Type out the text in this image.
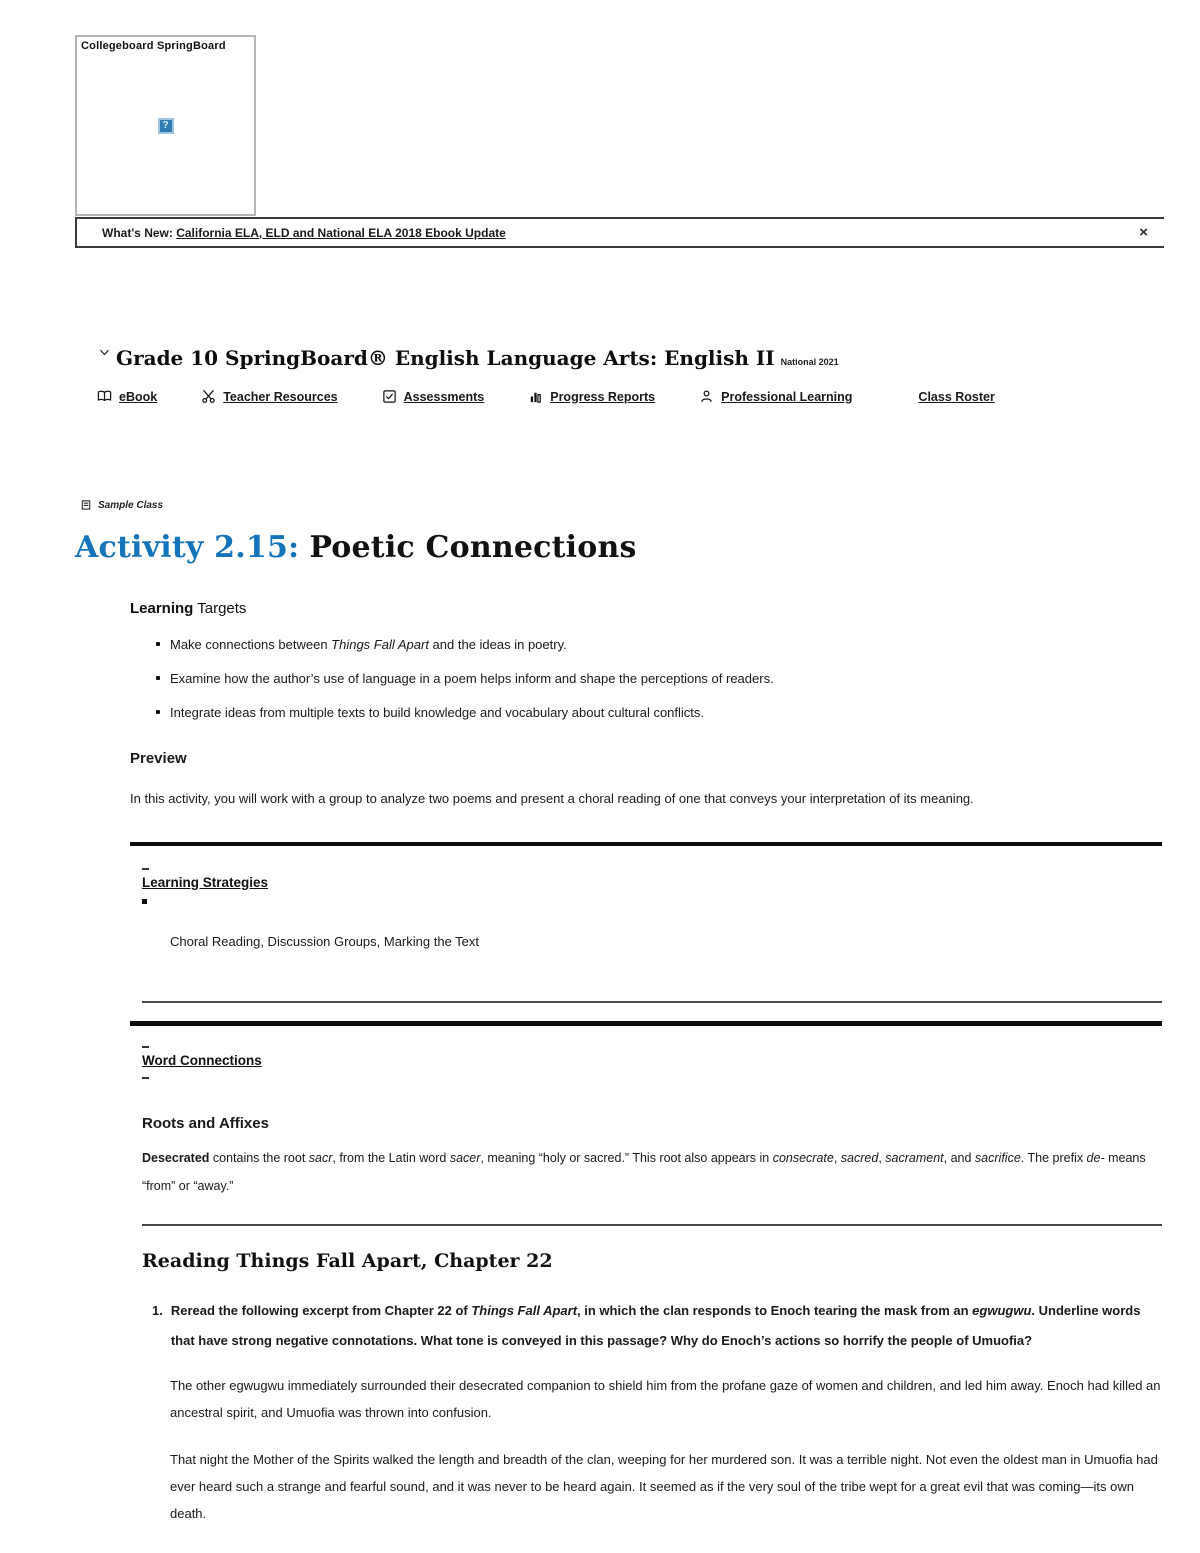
Collegeboard SpringBoard
?
What's New: California ELA, ELD and National ELA 2018 Ebook Update	×
Grade 10 SpringBoard® English Language Arts: English II National 2021
eBook	Teacher Resources	Assessments	Progress Reports	Professional Learning	Class Roster
Sample Class
Activity 2.15: Poetic Connections
Learning Targets
Make connections between Things Fall Apart and the ideas in poetry.
Examine how the author’s use of language in a poem helps inform and shape the perceptions of readers.
Integrate ideas from multiple texts to build knowledge and vocabulary about cultural conflicts.
Preview

In this activity, you will work with a group to analyze two poems and present a choral reading of one that conveys your interpretation of its meaning.

Learning Strategies

Choral Reading, Discussion Groups, Marking the Text

Word Connections
Roots and Affixes

Desecrated contains the root sacr, from the Latin word sacer, meaning “holy or sacred.” This root also appears in consecrate, sacred, sacrament, and sacrifice. The prefix de- means “from” or “away.”

Reading Things Fall Apart, Chapter 22
1. Reread the following excerpt from Chapter 22 of Things Fall Apart, in which the clan responds to Enoch tearing the mask from an egwugwu. Underline words that have strong negative connotations. What tone is conveyed in this passage? Why do Enoch’s actions so horrify the people of Umuofia?

The other egwugwu immediately surrounded their desecrated companion to shield him from the profane gaze of women and children, and led him away. Enoch had killed an ancestral spirit, and Umuofia was thrown into confusion.

That night the Mother of the Spirits walked the length and breadth of the clan, weeping for her murdered son. It was a terrible night. Not even the oldest man in Umuofia had ever heard such a strange and fearful sound, and it was never to be heard again. It seemed as if the very soul of the tribe wept for a great evil that was coming—its own death.
